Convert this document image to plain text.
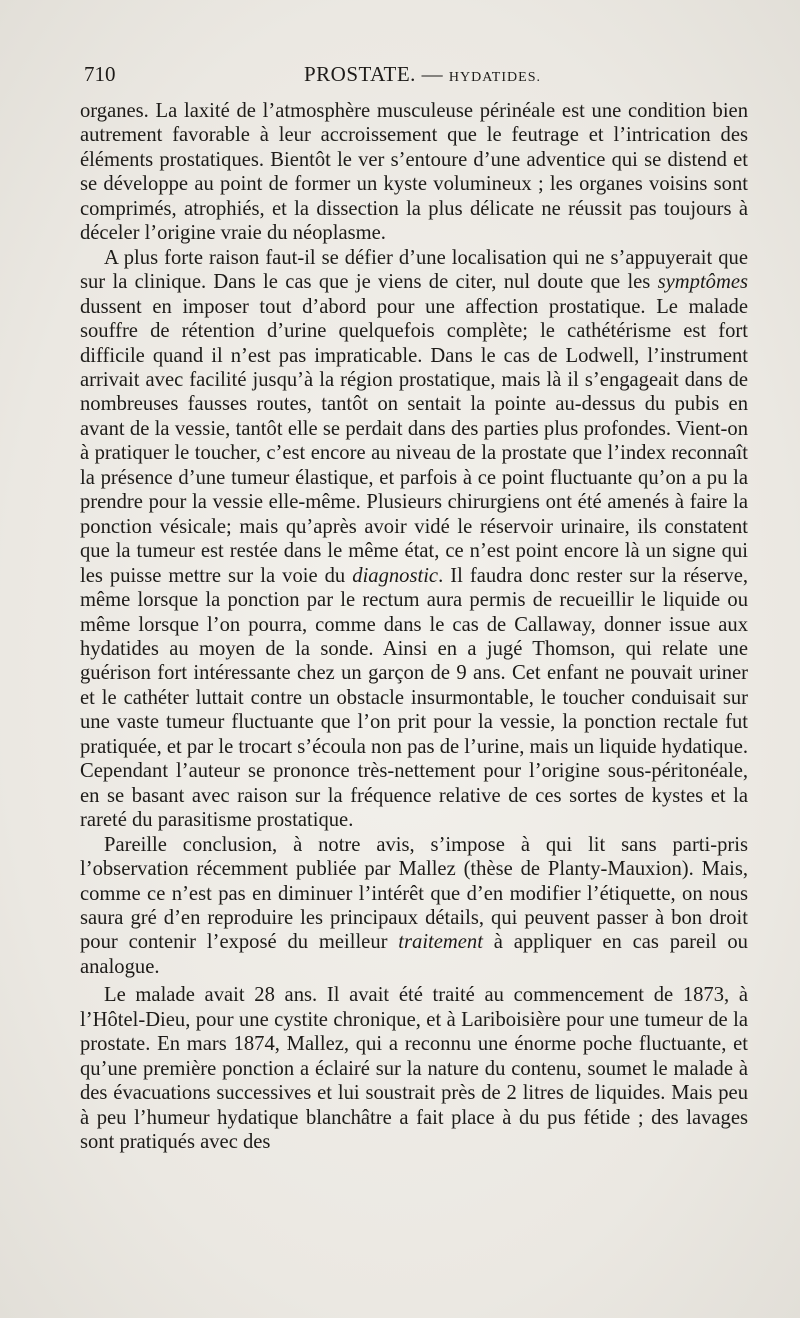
710	PROSTATE. — HYDATIDES.

organes. La laxité de l’atmosphère musculeuse périnéale est une condition bien autrement favorable à leur accroissement que le feutrage et l’intrication des éléments prostatiques. Bientôt le ver s’entoure d’une adventice qui se distend et se développe au point de former un kyste volumineux ; les organes voisins sont comprimés, atrophiés, et la dissection la plus délicate ne réussit pas toujours à déceler l’origine vraie du néoplasme.

A plus forte raison faut-il se défier d’une localisation qui ne s’appuyerait que sur la clinique. Dans le cas que je viens de citer, nul doute que les symptômes dussent en imposer tout d’abord pour une affection prostatique. Le malade souffre de rétention d’urine quelquefois complète; le cathétérisme est fort difficile quand il n’est pas impraticable. Dans le cas de Lodwell, l’instrument arrivait avec facilité jusqu’à la région prostatique, mais là il s’engageait dans de nombreuses fausses routes, tantôt on sentait la pointe au-dessus du pubis en avant de la vessie, tantôt elle se perdait dans des parties plus profondes. Vient-on à pratiquer le toucher, c’est encore au niveau de la prostate que l’index reconnaît la présence d’une tumeur élastique, et parfois à ce point fluctuante qu’on a pu la prendre pour la vessie elle-même. Plusieurs chirurgiens ont été amenés à faire la ponction vésicale; mais qu’après avoir vidé le réservoir urinaire, ils constatent que la tumeur est restée dans le même état, ce n’est point encore là un signe qui les puisse mettre sur la voie du diagnostic. Il faudra donc rester sur la réserve, même lorsque la ponction par le rectum aura permis de recueillir le liquide ou même lorsque l’on pourra, comme dans le cas de Callaway, donner issue aux hydatides au moyen de la sonde. Ainsi en a jugé Thomson, qui relate une guérison fort intéressante chez un garçon de 9 ans. Cet enfant ne pouvait uriner et le cathéter luttait contre un obstacle insurmontable, le toucher conduisait sur une vaste tumeur fluctuante que l’on prit pour la vessie, la ponction rectale fut pratiquée, et par le trocart s’écoula non pas de l’urine, mais un liquide hydatique. Cependant l’auteur se prononce très-nettement pour l’origine sous-péritonéale, en se basant avec raison sur la fréquence relative de ces sortes de kystes et la rareté du parasitisme prostatique.

Pareille conclusion, à notre avis, s’impose à qui lit sans parti-pris l’observation récemment publiée par Mallez (thèse de Planty-Mauxion). Mais, comme ce n’est pas en diminuer l’intérêt que d’en modifier l’étiquette, on nous saura gré d’en reproduire les principaux détails, qui peuvent passer à bon droit pour contenir l’exposé du meilleur traitement à appliquer en cas pareil ou analogue.

Le malade avait 28 ans. Il avait été traité au commencement de 1873, à l’Hôtel-Dieu, pour une cystite chronique, et à Lariboisière pour une tumeur de la prostate. En mars 1874, Mallez, qui a reconnu une énorme poche fluctuante, et qu’une première ponction a éclairé sur la nature du contenu, soumet le malade à des évacuations successives et lui soustrait près de 2 litres de liquides. Mais peu à peu l’humeur hydatique blanchâtre a fait place à du pus fétide ; des lavages sont pratiqués avec des
